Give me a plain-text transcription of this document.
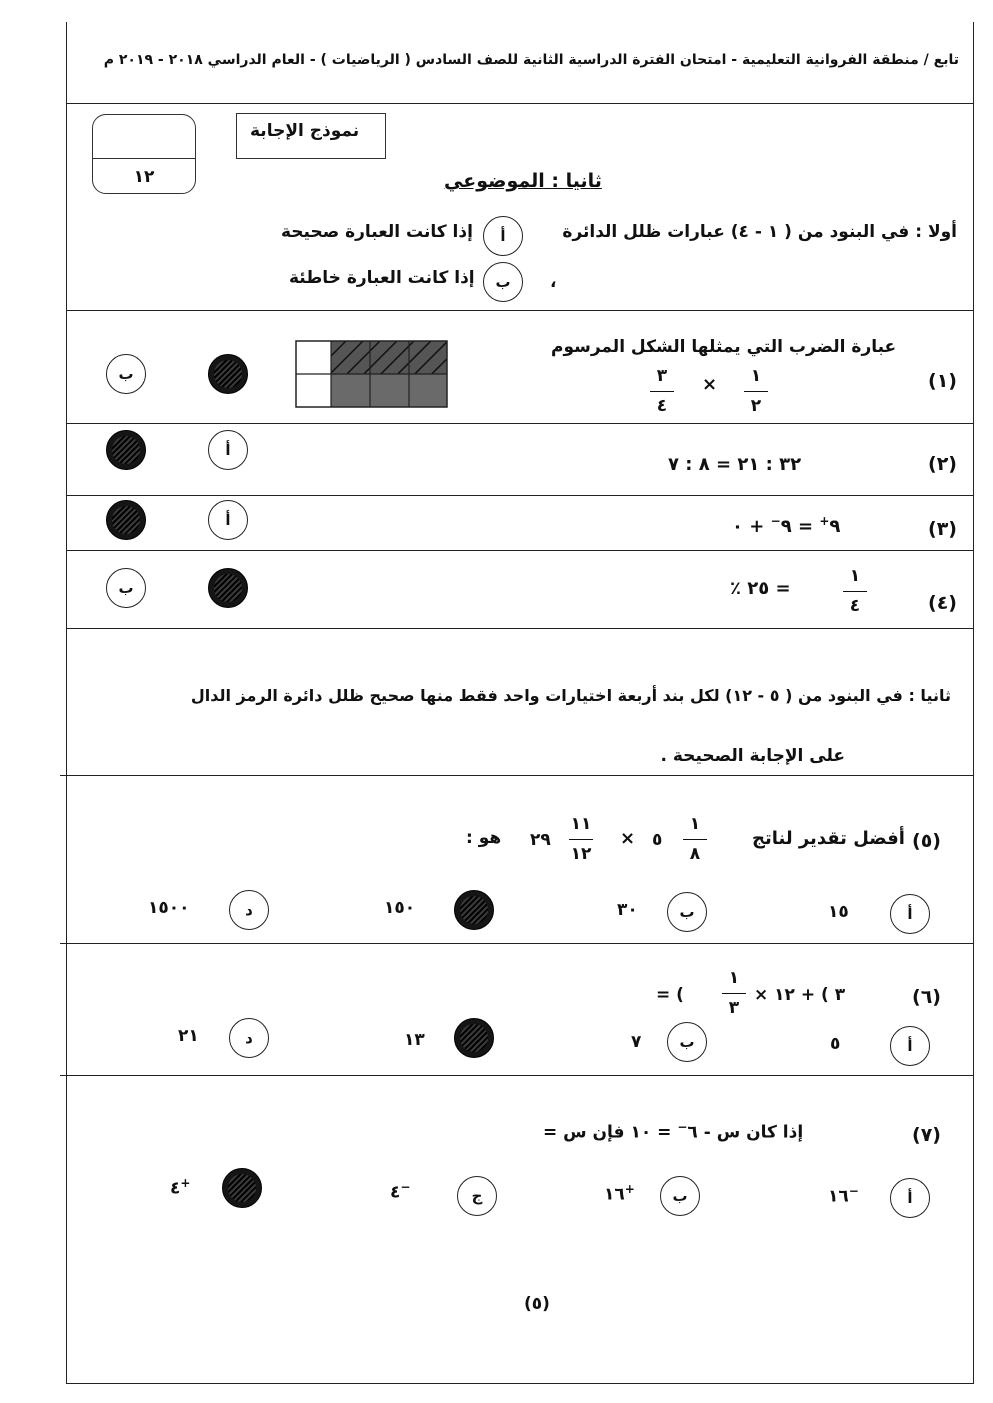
تابع / منطقة الفروانية التعليمية - امتحان الفترة الدراسية الثانية للصف السادس ( الرياضيات ) - العام الدراسي ٢٠١٨ - ٢٠١٩ م
١٢
نموذج الإجابة
ثانيا : الموضوعي
أولا : في البنود من ( ١ - ٤) عبارات ظلل الدائرة
أ
إذا كانت العبارة صحيحة
،
ب
إذا كانت العبارة خاطئة
عبارة الضرب التي يمثلها الشكل المرسوم
(١)
٣
٤
× ١
٢
ب
(٢)
٣٢ : ٢١ = ٨ : ٧
أ
(٣)
٩+ = ٩− + ٠
أ
(٤)
٪ ٢٥ =
١
٤
ب
ثانيا : في البنود من ( ٥ - ١٢) لكل بند أربعة اختيارات واحد فقط منها صحيح ظلل دائرة الرمز الدال
على الإجابة الصحيحة .
(٥)
أفضل تقدير لناتج
١
٨
٥
×
١١
١٢
٢٩
هو :
أ
١٥
ب
٣٠
١٥٠
د
١٥٠٠
(٦)
× ٣ ) + ١٢
١
٣
= (
أ
٥
ب
٧
١٣
د
٢١
(٧)
إذا كان س - ٦− = ١٠ فإن س =
أ
١٦−
ب
١٦+
ج
٤−
٤+
(٥)
